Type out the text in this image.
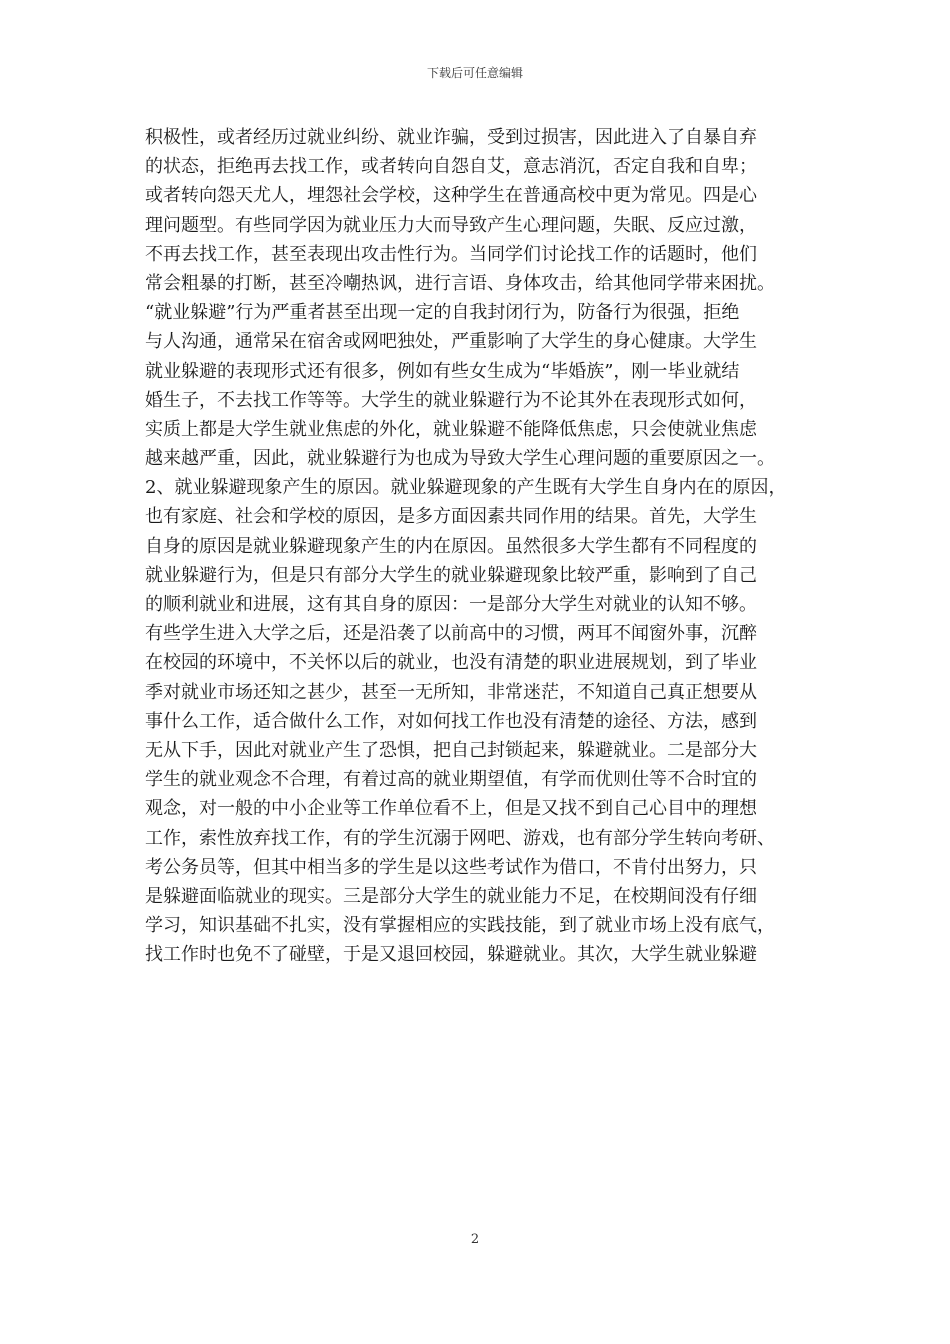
下载后可任意编辑
积极性，或者经历过就业纠纷、就业诈骗，受到过损害，因此进入了自暴自弃
的状态，拒绝再去找工作，或者转向自怨自艾，意志消沉，否定自我和自卑；
或者转向怨天尤人，埋怨社会学校，这种学生在普通高校中更为常见。四是心
理问题型。有些同学因为就业压力大而导致产生心理问题，失眠、反应过激，
不再去找工作，甚至表现出攻击性行为。当同学们讨论找工作的话题时，他们
常会粗暴的打断，甚至冷嘲热讽，进行言语、身体攻击，给其他同学带来困扰。
“就业躲避”行为严重者甚至出现一定的自我封闭行为，防备行为很强，拒绝
与人沟通，通常呆在宿舍或网吧独处，严重影响了大学生的身心健康。大学生
就业躲避的表现形式还有很多，例如有些女生成为“毕婚族”，刚一毕业就结
婚生子，不去找工作等等。大学生的就业躲避行为不论其外在表现形式如何，
实质上都是大学生就业焦虑的外化，就业躲避不能降低焦虑，只会使就业焦虑
越来越严重，因此，就业躲避行为也成为导致大学生心理问题的重要原因之一。
2、就业躲避现象产生的原因。就业躲避现象的产生既有大学生自身内在的原因，
也有家庭、社会和学校的原因，是多方面因素共同作用的结果。首先，大学生
自身的原因是就业躲避现象产生的内在原因。虽然很多大学生都有不同程度的
就业躲避行为，但是只有部分大学生的就业躲避现象比较严重，影响到了自己
的顺利就业和进展，这有其自身的原因：一是部分大学生对就业的认知不够。
有些学生进入大学之后，还是沿袭了以前高中的习惯，两耳不闻窗外事，沉醉
在校园的环境中，不关怀以后的就业，也没有清楚的职业进展规划，到了毕业
季对就业市场还知之甚少，甚至一无所知，非常迷茫，不知道自己真正想要从
事什么工作，适合做什么工作，对如何找工作也没有清楚的途径、方法，感到
无从下手，因此对就业产生了恐惧，把自己封锁起来，躲避就业。二是部分大
学生的就业观念不合理，有着过高的就业期望值，有学而优则仕等不合时宜的
观念，对一般的中小企业等工作单位看不上，但是又找不到自己心目中的理想
工作，索性放弃找工作，有的学生沉溺于网吧、游戏，也有部分学生转向考研、
考公务员等，但其中相当多的学生是以这些考试作为借口，不肯付出努力，只
是躲避面临就业的现实。三是部分大学生的就业能力不足，在校期间没有仔细
学习，知识基础不扎实，没有掌握相应的实践技能，到了就业市场上没有底气，
找工作时也免不了碰壁，于是又退回校园，躲避就业。其次，大学生就业躲避
2
